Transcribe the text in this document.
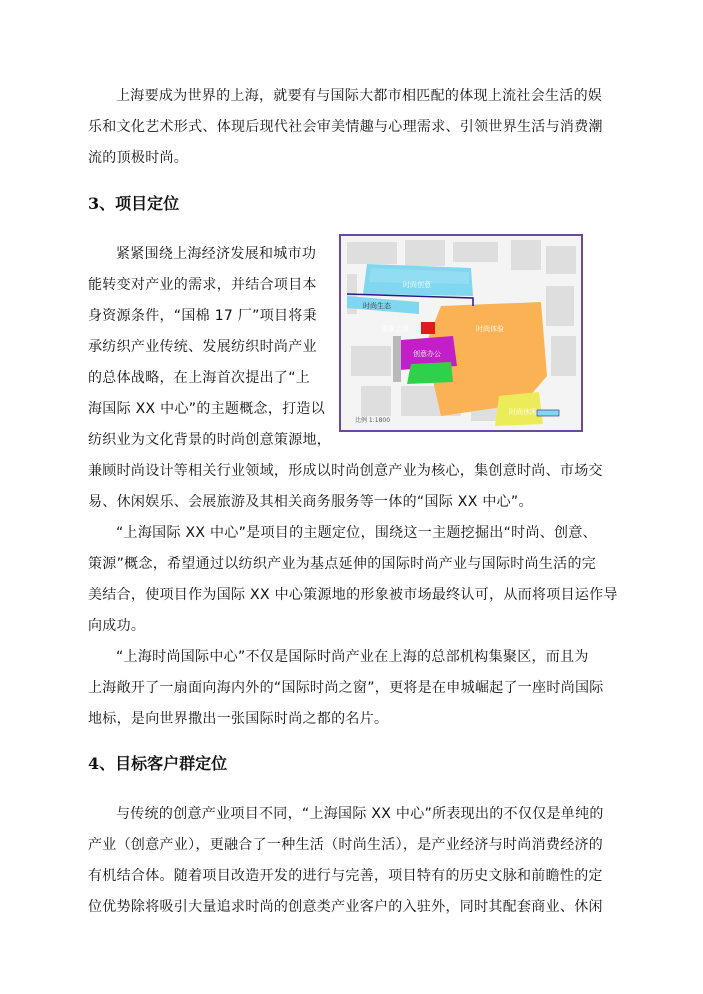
上海要成为世界的上海，就要有与国际大都市相匹配的体现上流社会生活的娱
乐和文化艺术形式、体现后现代社会审美情趣与心理需求、引领世界生活与消费潮
流的顶极时尚。

3、项目定位

紧紧围绕上海经济发展和城市功
能转变对产业的需求，并结合项目本
身资源条件，“国棉 17 厂”项目将秉
承纺织产业传统、发展纺织时尚产业
的总体战略，在上海首次提出了“上
海国际 XX 中心”的主题概念，打造以
纺织业为文化背景的时尚创意策源地，

时尚创意
时尚生态
策展会所	时尚体验
创意办公
时尚休闲
比例 1:1800

兼顾时尚设计等相关行业领域，形成以时尚创意产业为核心，集创意时尚、市场交
易、休闲娱乐、会展旅游及其相关商务服务等一体的“国际 XX 中心”。

“上海国际 XX 中心”是项目的主题定位，围绕这一主题挖掘出“时尚、创意、
策源”概念，希望通过以纺织产业为基点延伸的国际时尚产业与国际时尚生活的完
美结合，使项目作为国际 XX 中心策源地的形象被市场最终认可，从而将项目运作导
向成功。

“上海时尚国际中心”不仅是国际时尚产业在上海的总部机构集聚区，而且为
上海敞开了一扇面向海内外的“国际时尚之窗”，更将是在申城崛起了一座时尚国际
地标，是向世界撒出一张国际时尚之都的名片。

4、目标客户群定位

与传统的创意产业项目不同，“上海国际 XX 中心”所表现出的不仅仅是单纯的
产业（创意产业），更融合了一种生活（时尚生活），是产业经济与时尚消费经济的
有机结合体。随着项目改造开发的进行与完善，项目特有的历史文脉和前瞻性的定
位优势除将吸引大量追求时尚的创意类产业客户的入驻外，同时其配套商业、休闲
